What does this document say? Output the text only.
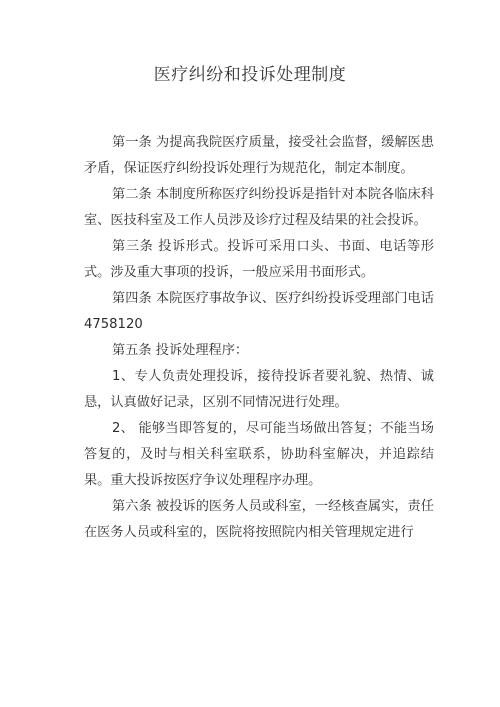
医疗纠纷和投诉处理制度

第一条 为提高我院医疗质量，接受社会监督，缓解医患矛盾，保证医疗纠纷投诉处理行为规范化，制定本制度。

第二条 本制度所称医疗纠纷投诉是指针对本院各临床科室、医技科室及工作人员涉及诊疗过程及结果的社会投诉。

第三条 投诉形式。投诉可采用口头、书面、电话等形式。涉及重大事项的投诉，一般应采用书面形式。

第四条 本院医疗事故争议、医疗纠纷投诉受理部门电话 4758120

第五条 投诉处理程序：

1、专人负责处理投诉，接待投诉者要礼貌、热情、诚恳，认真做好记录，区别不同情况进行处理。

2、 能够当即答复的，尽可能当场做出答复；不能当场答复的，及时与相关科室联系，协助科室解决，并追踪结果。重大投诉按医疗争议处理程序办理。

第六条 被投诉的医务人员或科室，一经核查属实，责任在医务人员或科室的，医院将按照院内相关管理规定进行
